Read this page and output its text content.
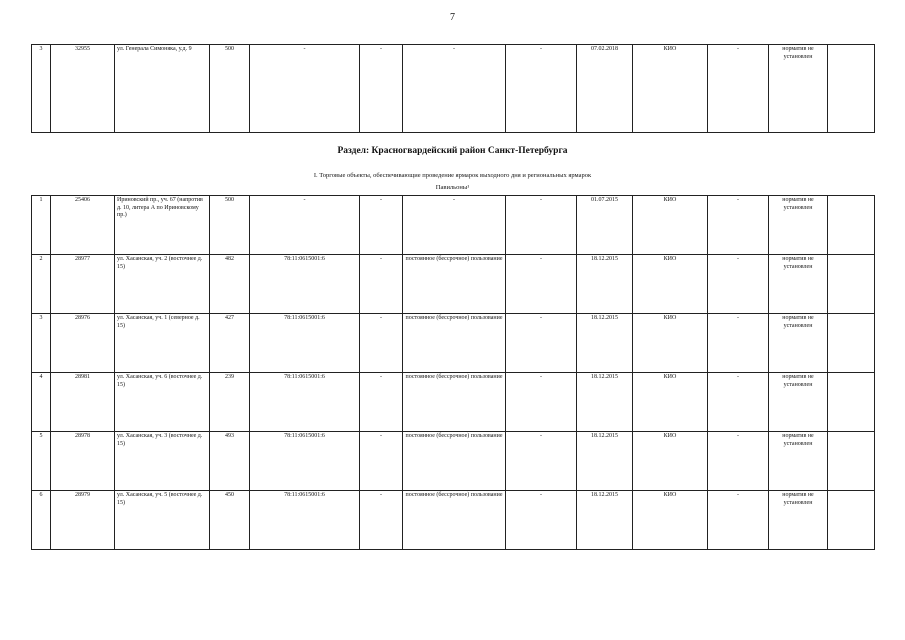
7
3	32955	ул. Генерала Симоняка, у.д. 9	500	-	-	-	-	07.02.2018	КИО	-	норматив не установлен	
Раздел: Красногвардейский район Санкт-Петербурга
I. Торговые объекты, обеспечивающие проведение ярмарок выходного дня и региональных ярмарок
Павильоны¹
1	25406	Ириновский пр., уч. 67 (напротив д. 10, литера А по Ириновскому пр.)	500	-	-	-	-	01.07.2015	КИО	-	норматив не установлен	
2	28977	ул. Хасанская, уч. 2 (восточнее д. 15)	482	78:11:0615001:6	-	постоянное (бессрочное) пользование	-	18.12.2015	КИО	-	норматив не установлен	
3	28976	ул. Хасанская, уч. 1 (северное д. 15)	427	78:11:0615001:6	-	постоянное (бессрочное) пользование	-	18.12.2015	КИО	-	норматив не установлен	
4	28981	ул. Хасанская, уч. 6 (восточнее д. 15)	239	78:11:0615001:6	-	постоянное (бессрочное) пользование	-	18.12.2015	КИО	-	норматив не установлен	
5	28978	ул. Хасанская, уч. 3 (восточнее д. 15)	493	78:11:0615001:6	-	постоянное (бессрочное) пользование	-	18.12.2015	КИО	-	норматив не установлен	
6	28979	ул. Хасанская, уч. 5 (восточнее д. 15)	450	78:11:0615001:6	-	постоянное (бессрочное) пользование	-	18.12.2015	КИО	-	норматив не установлен	
